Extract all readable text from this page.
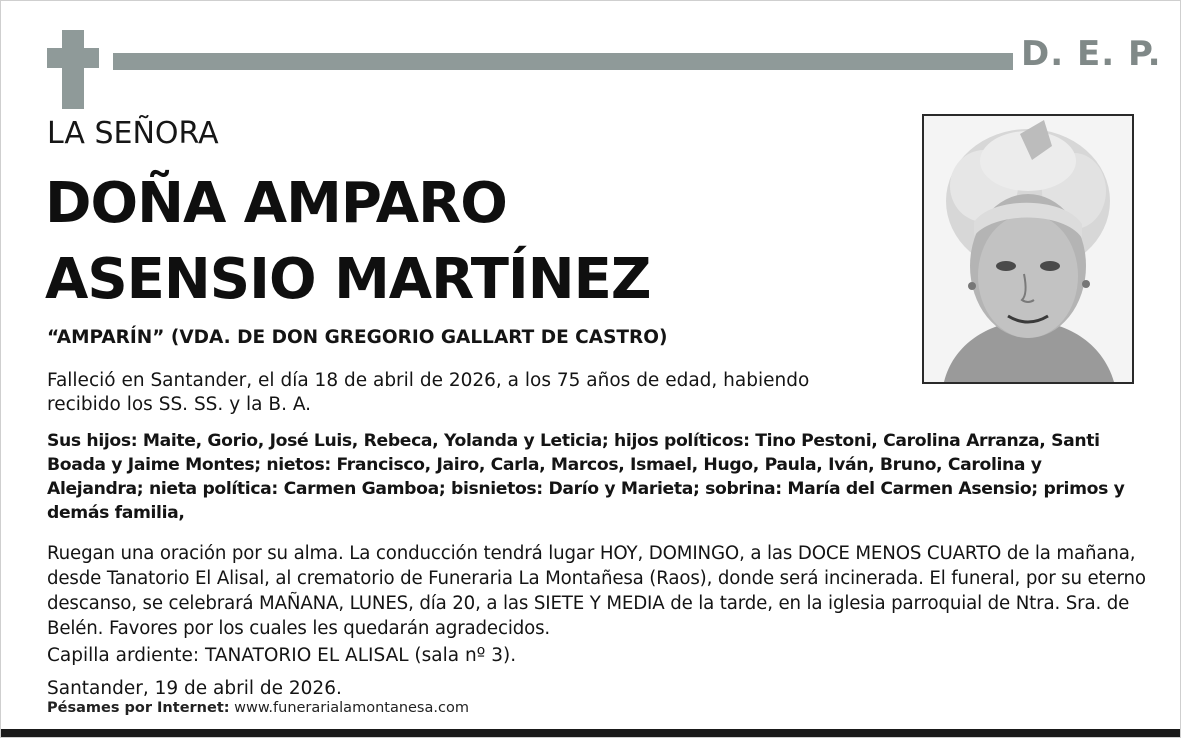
D. E. P.
LA SEÑORA
DOÑA AMPARO
ASENSIO MARTÍNEZ
“AMPARÍN” (VDA. DE DON GREGORIO GALLART DE CASTRO)
Falleció en Santander, el día 18 de abril de 2026, a los 75 años de edad, habiendo recibido los SS. SS. y la B. A.
Sus hijos: Maite, Gorio, José Luis, Rebeca, Yolanda y Leticia; hijos políticos: Tino Pestoni, Carolina Arranza, Santi Boada y Jaime Montes; nietos: Francisco, Jairo, Carla, Marcos, Ismael, Hugo, Paula, Iván, Bruno, Carolina y Alejandra; nieta política: Carmen Gamboa; bisnietos: Darío y Marieta; sobrina: María del Carmen Asensio; primos y demás familia,
Ruegan una oración por su alma. La conducción tendrá lugar HOY, DOMINGO, a las DOCE MENOS CUARTO de la mañana, desde Tanatorio El Alisal, al crematorio de Funeraria La Montañesa (Raos), donde será incinerada. El funeral, por su eterno descanso, se celebrará MAÑANA, LUNES, día 20, a las SIETE Y MEDIA de la tarde, en la iglesia parroquial de Ntra. Sra. de Belén. Favores por los cuales les quedarán agradecidos.
Capilla ardiente: TANATORIO EL ALISAL (sala nº 3).
Santander, 19 de abril de 2026.
Pésames por Internet: www.funerarialamontanesa.com
